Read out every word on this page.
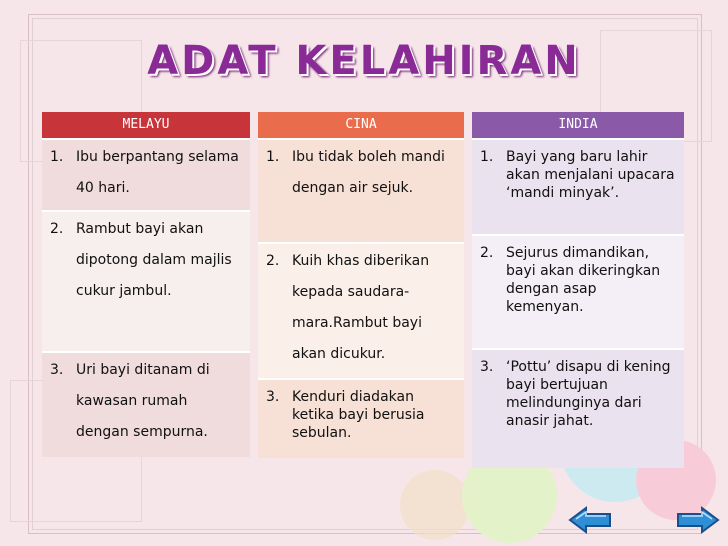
ADAT KELAHIRAN
MELAYU
1. Ibu berpantang selama 40 hari.
2. Rambut bayi akan dipotong dalam majlis cukur jambul.
3. Uri bayi ditanam di kawasan rumah dengan sempurna.
CINA
1. Ibu tidak boleh mandi dengan air sejuk.
2. Kuih khas diberikan kepada saudara-mara.Rambut bayi akan dicukur.
3. Kenduri diadakan ketika bayi berusia sebulan.
INDIA
1. Bayi yang baru lahir akan menjalani upacara ‘mandi minyak’.
2. Sejurus dimandikan, bayi akan dikeringkan dengan asap kemenyan.
3. ‘Pottu’ disapu di kening bayi bertujuan melindunginya dari anasir jahat.
